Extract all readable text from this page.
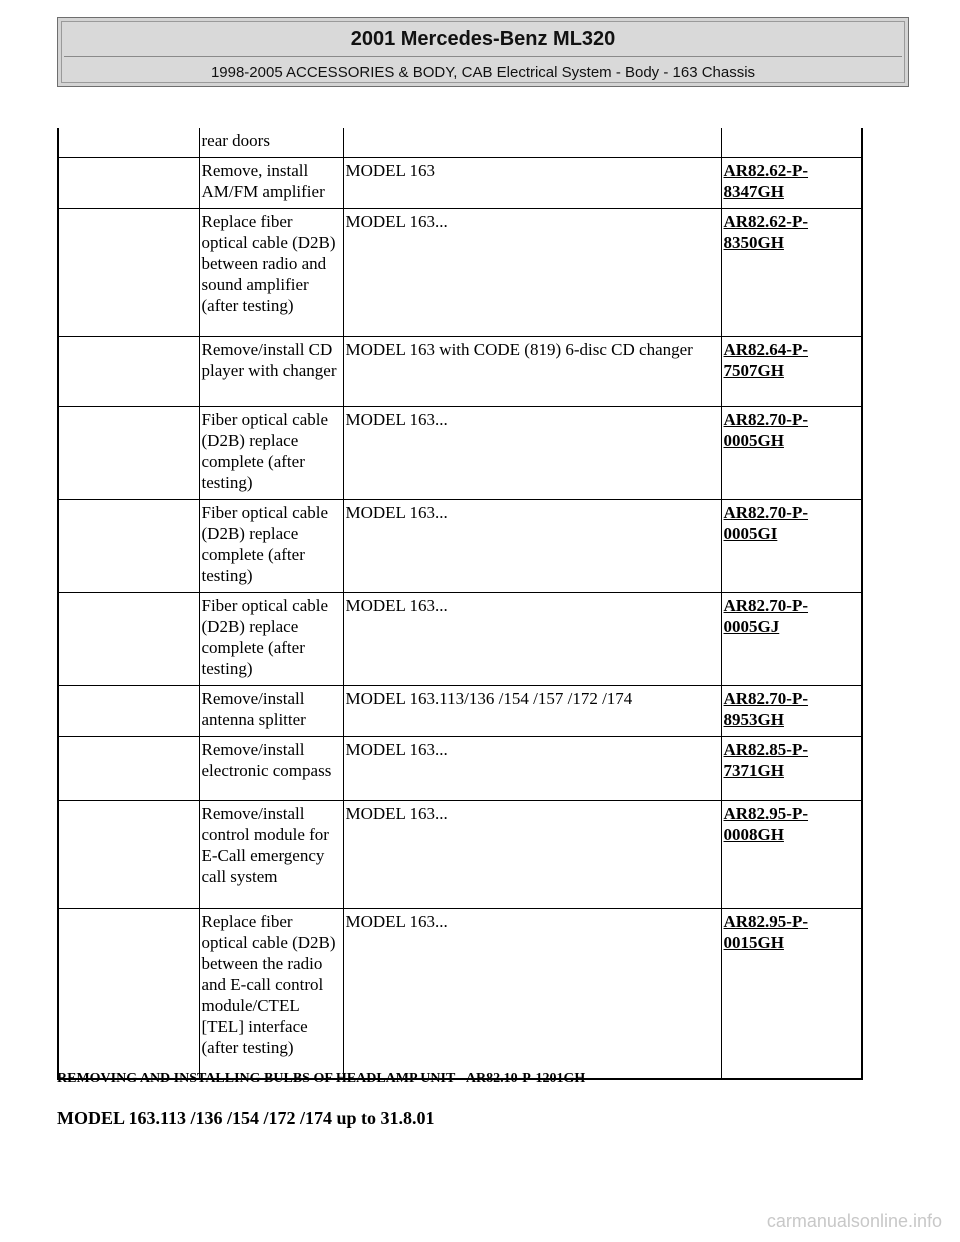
2001 Mercedes-Benz ML320
1998-2005 ACCESSORIES & BODY, CAB Electrical System - Body - 163 Chassis
	rear doors		
	Remove, install AM/FM amplifier	MODEL 163	AR82.62-P-8347GH
	Replace fiber optical cable (D2B) between radio and sound amplifier (after testing)	MODEL 163...	AR82.62-P-8350GH
	Remove/install CD player with changer	MODEL 163 with CODE (819) 6-disc CD changer	AR82.64-P-7507GH
	Fiber optical cable (D2B) replace complete (after testing)	MODEL 163...	AR82.70-P-0005GH
	Fiber optical cable (D2B) replace complete (after testing)	MODEL 163...	AR82.70-P-0005GI
	Fiber optical cable (D2B) replace complete (after testing)	MODEL 163...	AR82.70-P-0005GJ
	Remove/install antenna splitter	MODEL 163.113/136 /154 /157 /172 /174	AR82.70-P-8953GH
	Remove/install electronic compass	MODEL 163...	AR82.85-P-7371GH
	Remove/install control module for E-Call emergency call system	MODEL 163...	AR82.95-P-0008GH
	Replace fiber optical cable (D2B) between the radio and E-call control module/CTEL [TEL] interface (after testing)	MODEL 163...	AR82.95-P-0015GH
REMOVING AND INSTALLING BULBS OF HEADLAMP UNIT - AR82.10-P-1201GH
MODEL 163.113 /136 /154 /172 /174 up to 31.8.01
carmanualsonline.info
